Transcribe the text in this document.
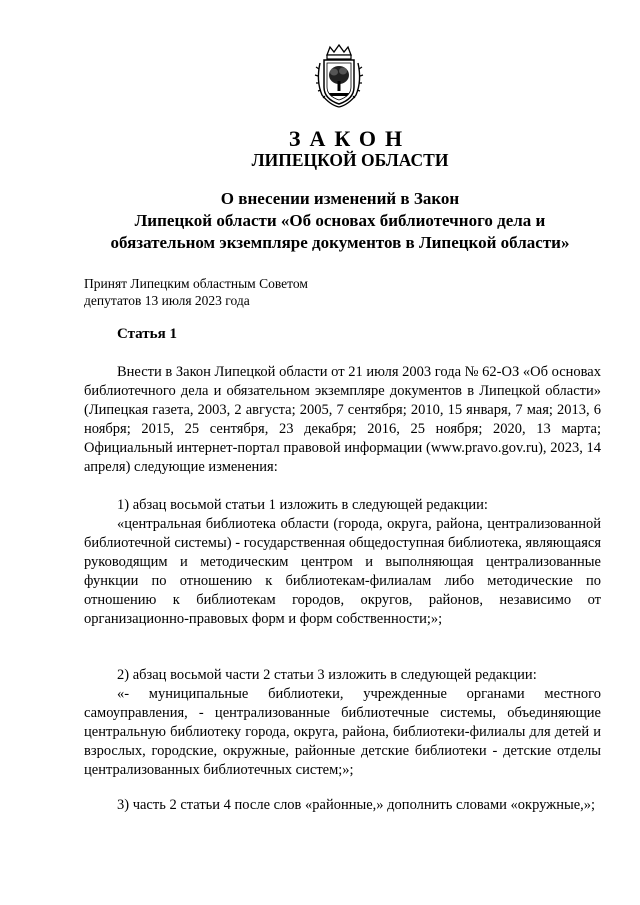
ЗАКОН
ЛИПЕЦКОЙ ОБЛАСТИ
О внесении изменений в Закон
Липецкой области «Об основах библиотечного дела и
обязательном экземпляре документов в Липецкой области»
Принят Липецким областным Советом
депутатов 13 июля 2023 года
Статья 1

Внести в Закон Липецкой области от 21 июля 2003 года № 62-ОЗ «Об основах библиотечного дела и обязательном экземпляре документов в Липецкой области» (Липецкая газета, 2003, 2 августа; 2005, 7 сентября; 2010, 15 января, 7 мая; 2013, 6 ноября; 2015, 25 сентября, 23 декабря; 2016, 25 ноября; 2020, 13 марта; Официальный интернет-портал правовой информации (www.pravo.gov.ru), 2023, 14 апреля) следующие изменения:

1) абзац восьмой статьи 1 изложить в следующей редакции:

«центральная библиотека области (города, округа, района, централизованной библиотечной системы) - государственная общедоступная библиотека, являющаяся руководящим и методическим центром и выполняющая централизованные функции по отношению к библиотекам-филиалам либо методические по отношению к библиотекам городов, округов, районов, независимо от организационно-правовых форм и форм собственности;»;

2) абзац восьмой части 2 статьи 3 изложить в следующей редакции:

«- муниципальные библиотеки, учрежденные органами местного самоуправления, - централизованные библиотечные системы, объединяющие центральную библиотеку города, округа, района, библиотеки-филиалы для детей и взрослых, городские, окружные, районные детские библиотеки - детские отделы централизованных библиотечных систем;»;

3) часть 2 статьи 4 после слов «районные,» дополнить словами «окружные,»;
